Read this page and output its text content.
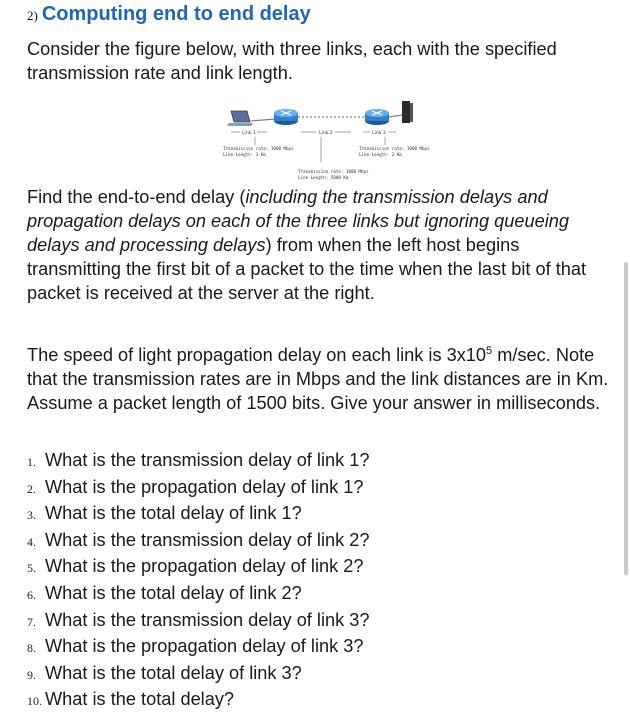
2) Computing end to end delay

Consider the figure below, with three links, each with the specified transmission rate and link length.

Link 1	Link 2	Link 3
Transmission rate: 1000 Mbps
Line Length: 3 Km
Transmission rate: 1000 Mbps
Line Length: 2 Km
Transmission rate: 1000 Mbps
Line Length: 5000 Km

Find the end-to-end delay (including the transmission delays and propagation delays on each of the three links but ignoring queueing delays and processing delays) from when the left host begins transmitting the first bit of a packet to the time when the last bit of that packet is received at the server at the right.

The speed of light propagation delay on each link is $3x10^5$ m/sec. Note that the transmission rates are in Mbps and the link distances are in Km. Assume a packet length of 1500 bits. Give your answer in milliseconds.

1. What is the transmission delay of link 1?
2. What is the propagation delay of link 1?
3. What is the total delay of link 1?
4. What is the transmission delay of link 2?
5. What is the propagation delay of link 2?
6. What is the total delay of link 2?
7. What is the transmission delay of link 3?
8. What is the propagation delay of link 3?
9. What is the total delay of link 3?
10. What is the total delay?
